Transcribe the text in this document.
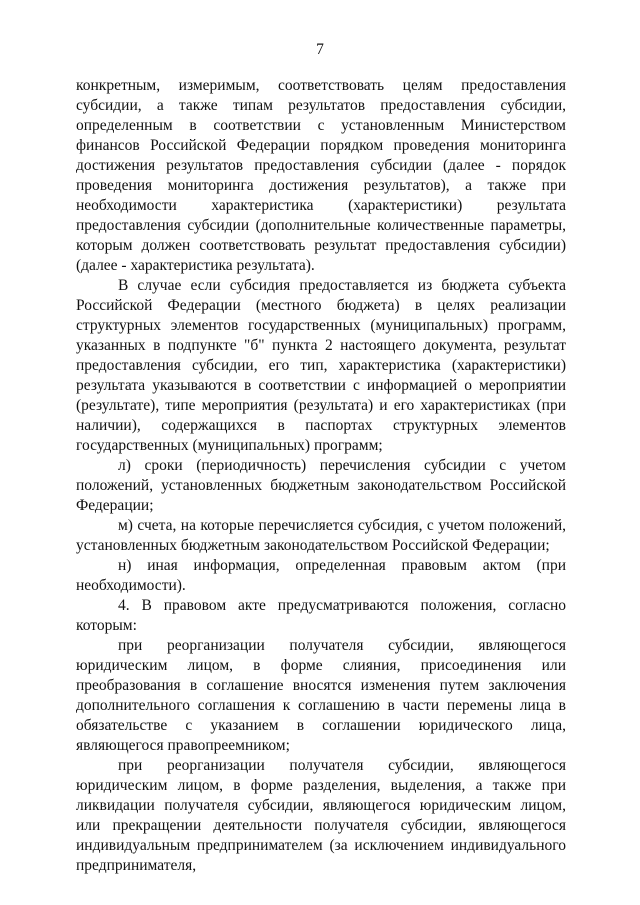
7

конкретным, измеримым, соответствовать целям предоставления субсидии, а также типам результатов предоставления субсидии, определенным в соответствии с установленным Министерством финансов Российской Федерации порядком проведения мониторинга достижения результатов предоставления субсидии (далее - порядок проведения мониторинга достижения результатов), а также при необходимости характеристика (характеристики) результата предоставления субсидии (дополнительные количественные параметры, которым должен соответствовать результат предоставления субсидии) (далее - характеристика результата).

В случае если субсидия предоставляется из бюджета субъекта Российской Федерации (местного бюджета) в целях реализации структурных элементов государственных (муниципальных) программ, указанных в подпункте "б" пункта 2 настоящего документа, результат предоставления субсидии, его тип, характеристика (характеристики) результата указываются в соответствии с информацией о мероприятии (результате), типе мероприятия (результата) и его характеристиках (при наличии), содержащихся в паспортах структурных элементов государственных (муниципальных) программ;

л) сроки (периодичность) перечисления субсидии с учетом положений, установленных бюджетным законодательством Российской Федерации;

м) счета, на которые перечисляется субсидия, с учетом положений, установленных бюджетным законодательством Российской Федерации;

н) иная информация, определенная правовым актом (при необходимости).

4. В правовом акте предусматриваются положения, согласно которым:

при реорганизации получателя субсидии, являющегося юридическим лицом, в форме слияния, присоединения или преобразования в соглашение вносятся изменения путем заключения дополнительного соглашения к соглашению в части перемены лица в обязательстве с указанием в соглашении юридического лица, являющегося правопреемником;

при реорганизации получателя субсидии, являющегося юридическим лицом, в форме разделения, выделения, а также при ликвидации получателя субсидии, являющегося юридическим лицом, или прекращении деятельности получателя субсидии, являющегося индивидуальным предпринимателем (за исключением индивидуального предпринимателя,
